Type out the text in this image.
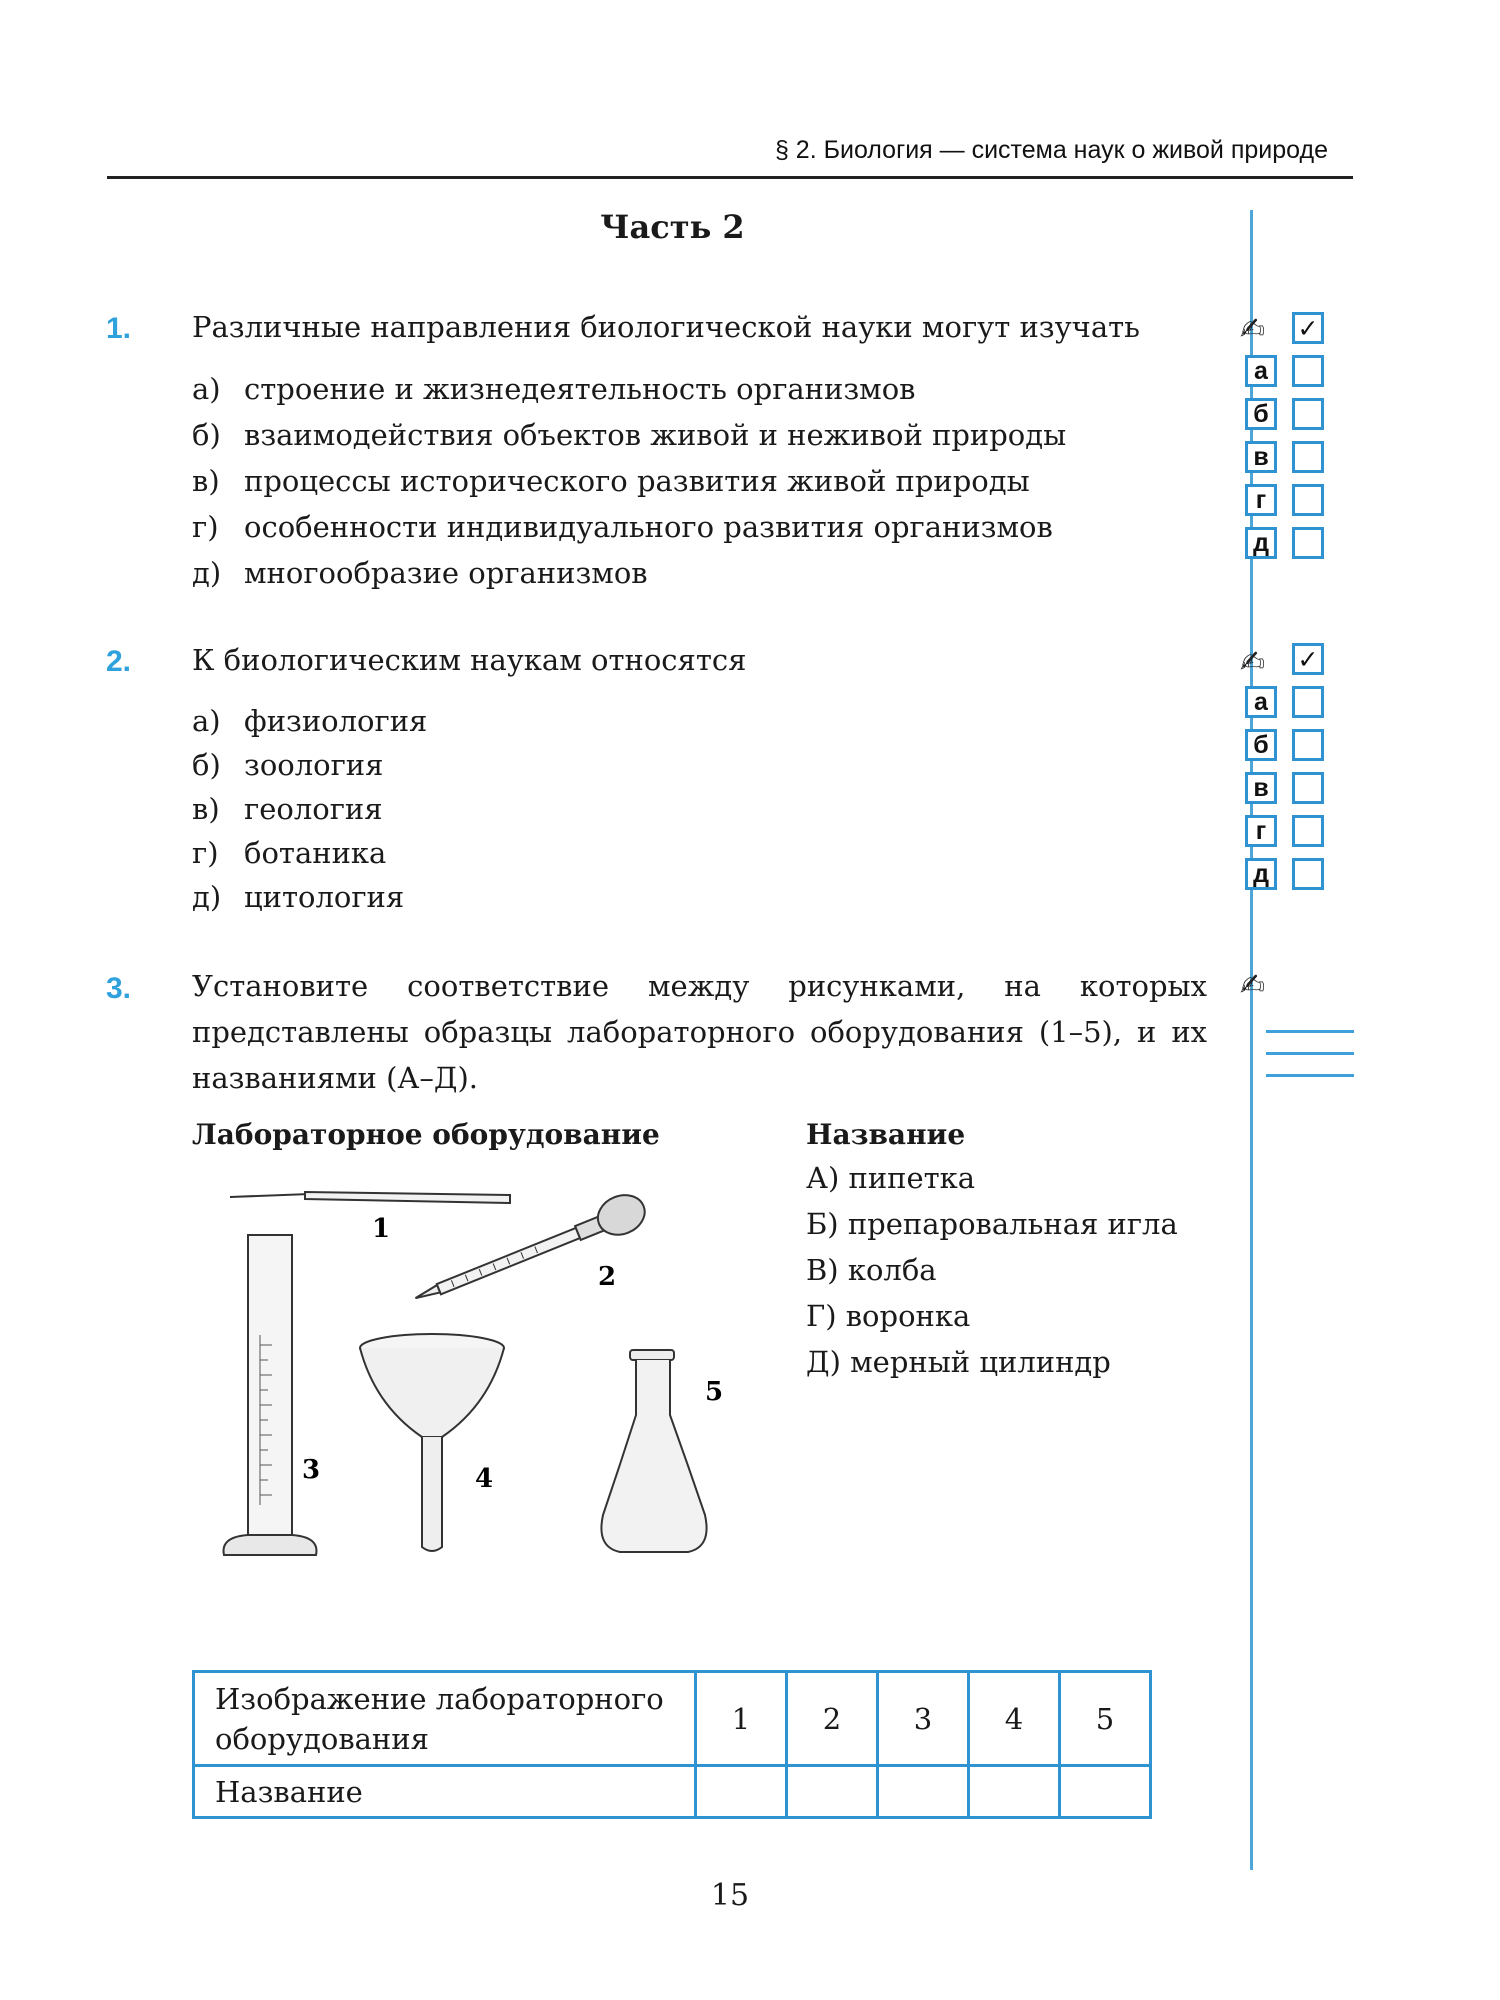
§ 2. Биология — система наук о живой природе
Часть 2
1. Различные направления биологической науки могут изучать
а) строение и жизнедеятельность организмов
б) взаимодействия объектов живой и неживой природы
в) процессы исторического развития живой природы
г) особенности индивидуального развития организмов
д) многообразие организмов
✍ ✓
а
б
в
г
д
2. К биологическим наукам относятся
а) физиология
б) зоология
в) геология
г) ботаника
д) цитология
✍ ✓
а
б
в
г
д
3. Установите соответствие между рисунками, на которых представлены образцы лабораторного оборудования (1–5), и их названиями (А–Д).
✍
Лабораторное оборудование	Название
А) пипетка
Б) препаровальная игла
В) колба
Г) воронка
Д) мерный цилиндр
1
2
3	4
5
Изображение лабораторного оборудования	1	2	3	4	5
Название					
15
